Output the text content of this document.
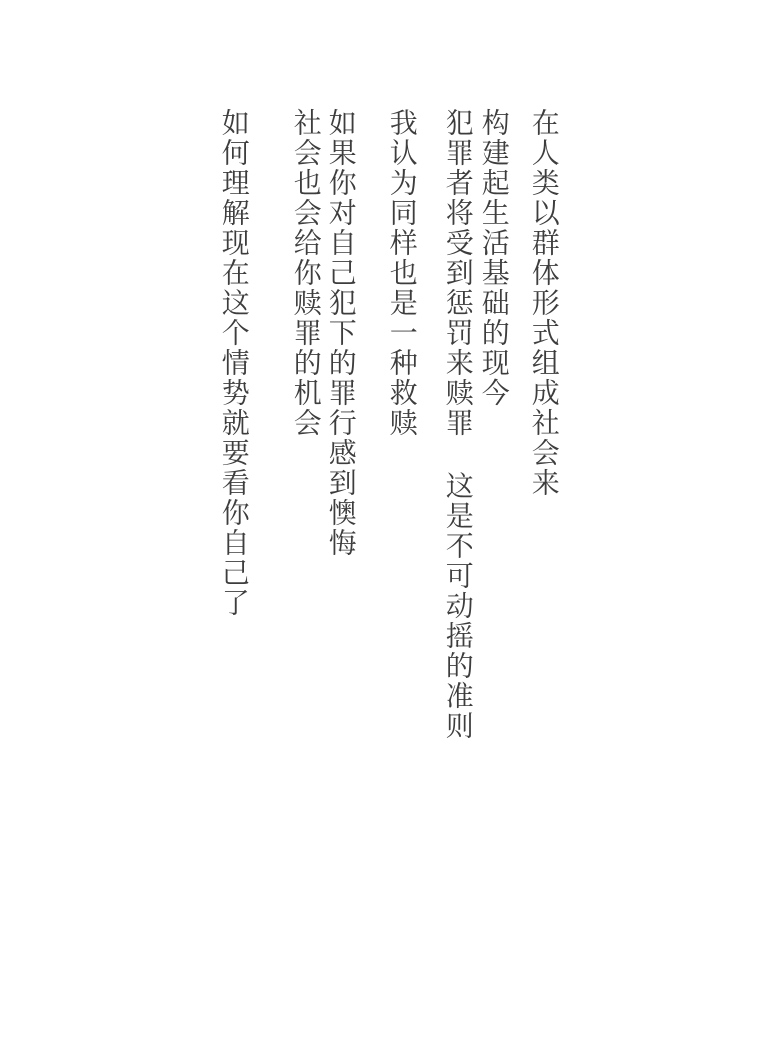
在人类以群体形式组成社会来

构建起生活基础的现今

犯罪者将受到惩罚来赎罪 这是不可动摇的准则

我认为同样也是一种救赎

如果你对自己犯下的罪行感到懊悔

社会也会给你赎罪的机会

如何理解现在这个情势就要看你自己了
